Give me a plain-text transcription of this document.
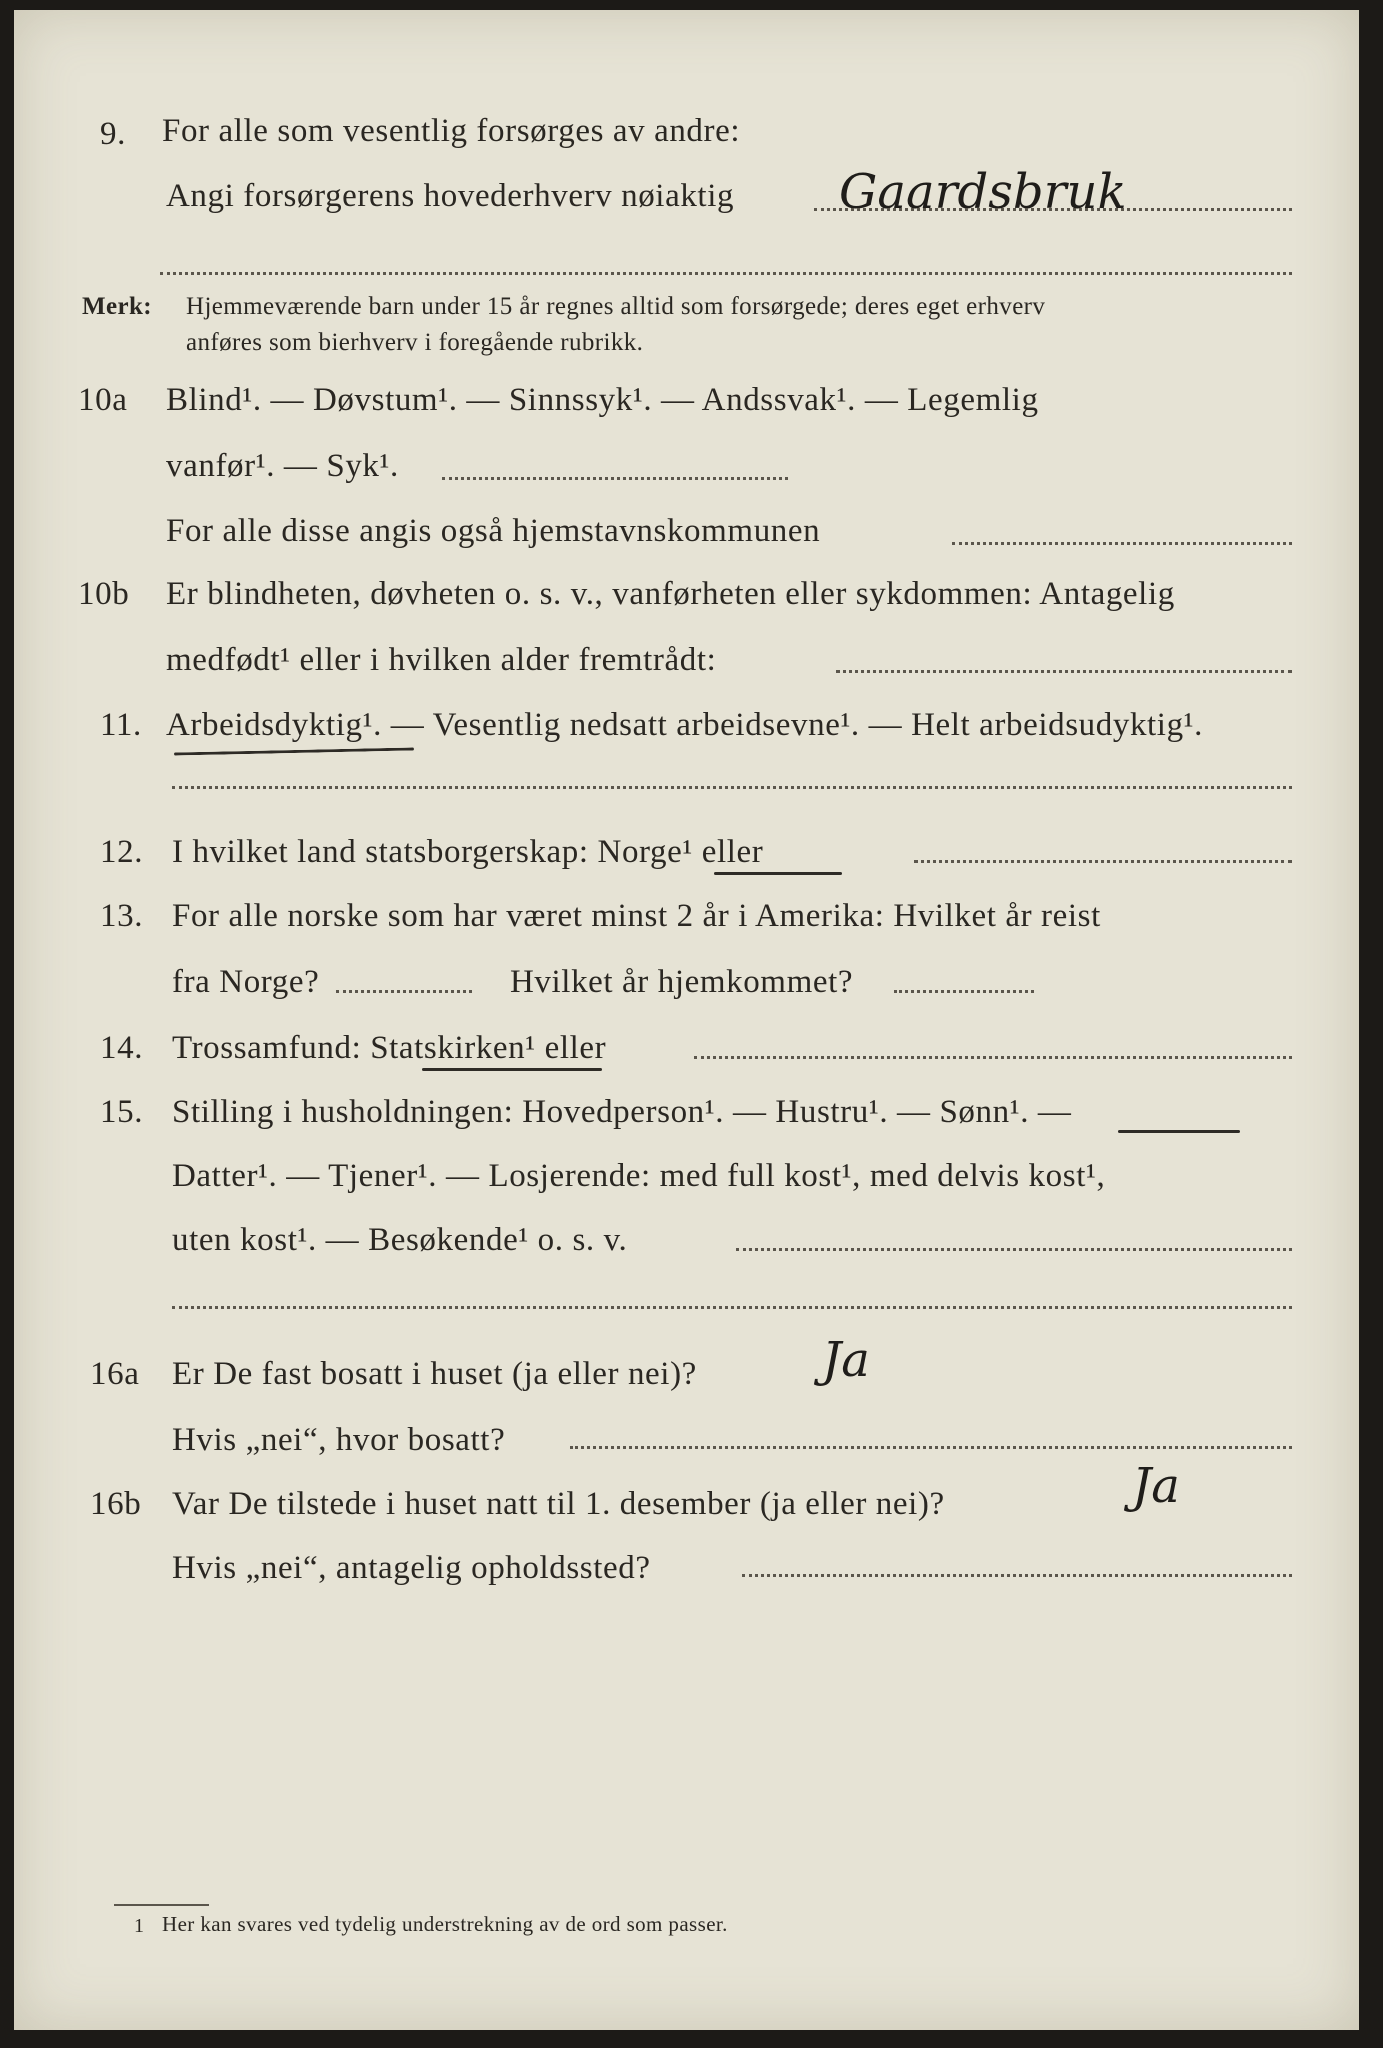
9. For alle som vesentlig forsørges av andre:
Angi forsørgerens hovederhverv nøiaktig Gaardsbruk
Merk: Hjemmeværende barn under 15 år regnes alltid som forsørgede; deres eget erhverv
anføres som bierhverv i foregående rubrikk.
10a Blind¹. — Døvstum¹. — Sinnssyk¹. — Andssvak¹. — Legemlig
vanfør¹. — Syk¹.
For alle disse angis også hjemstavnskommunen
10b Er blindheten, døvheten o. s. v., vanførheten eller sykdommen: Antagelig
medfødt¹ eller i hvilken alder fremtrådt:
11. Arbeidsdyktig¹. — Vesentlig nedsatt arbeidsevne¹. — Helt arbeidsudyktig¹.
12. I hvilket land statsborgerskap: Norge¹ eller
13. For alle norske som har været minst 2 år i Amerika: Hvilket år reist
fra Norge?	Hvilket år hjemkommet?
14. Trossamfund: Statskirken¹ eller
15. Stilling i husholdningen: Hovedperson¹. — Hustru¹. — Sønn¹. —
Datter¹. — Tjener¹. — Losjerende: med full kost¹, med delvis kost¹,
uten kost¹. — Besøkende¹ o. s. v.
16a Er De fast bosatt i huset (ja eller nei)?	Ja
Hvis „nei“, hvor bosatt?
16b Var De tilstede i huset natt til 1. desember (ja eller nei)?	Ja
Hvis „nei“, antagelig opholdssted?
1 Her kan svares ved tydelig understrekning av de ord som passer.
